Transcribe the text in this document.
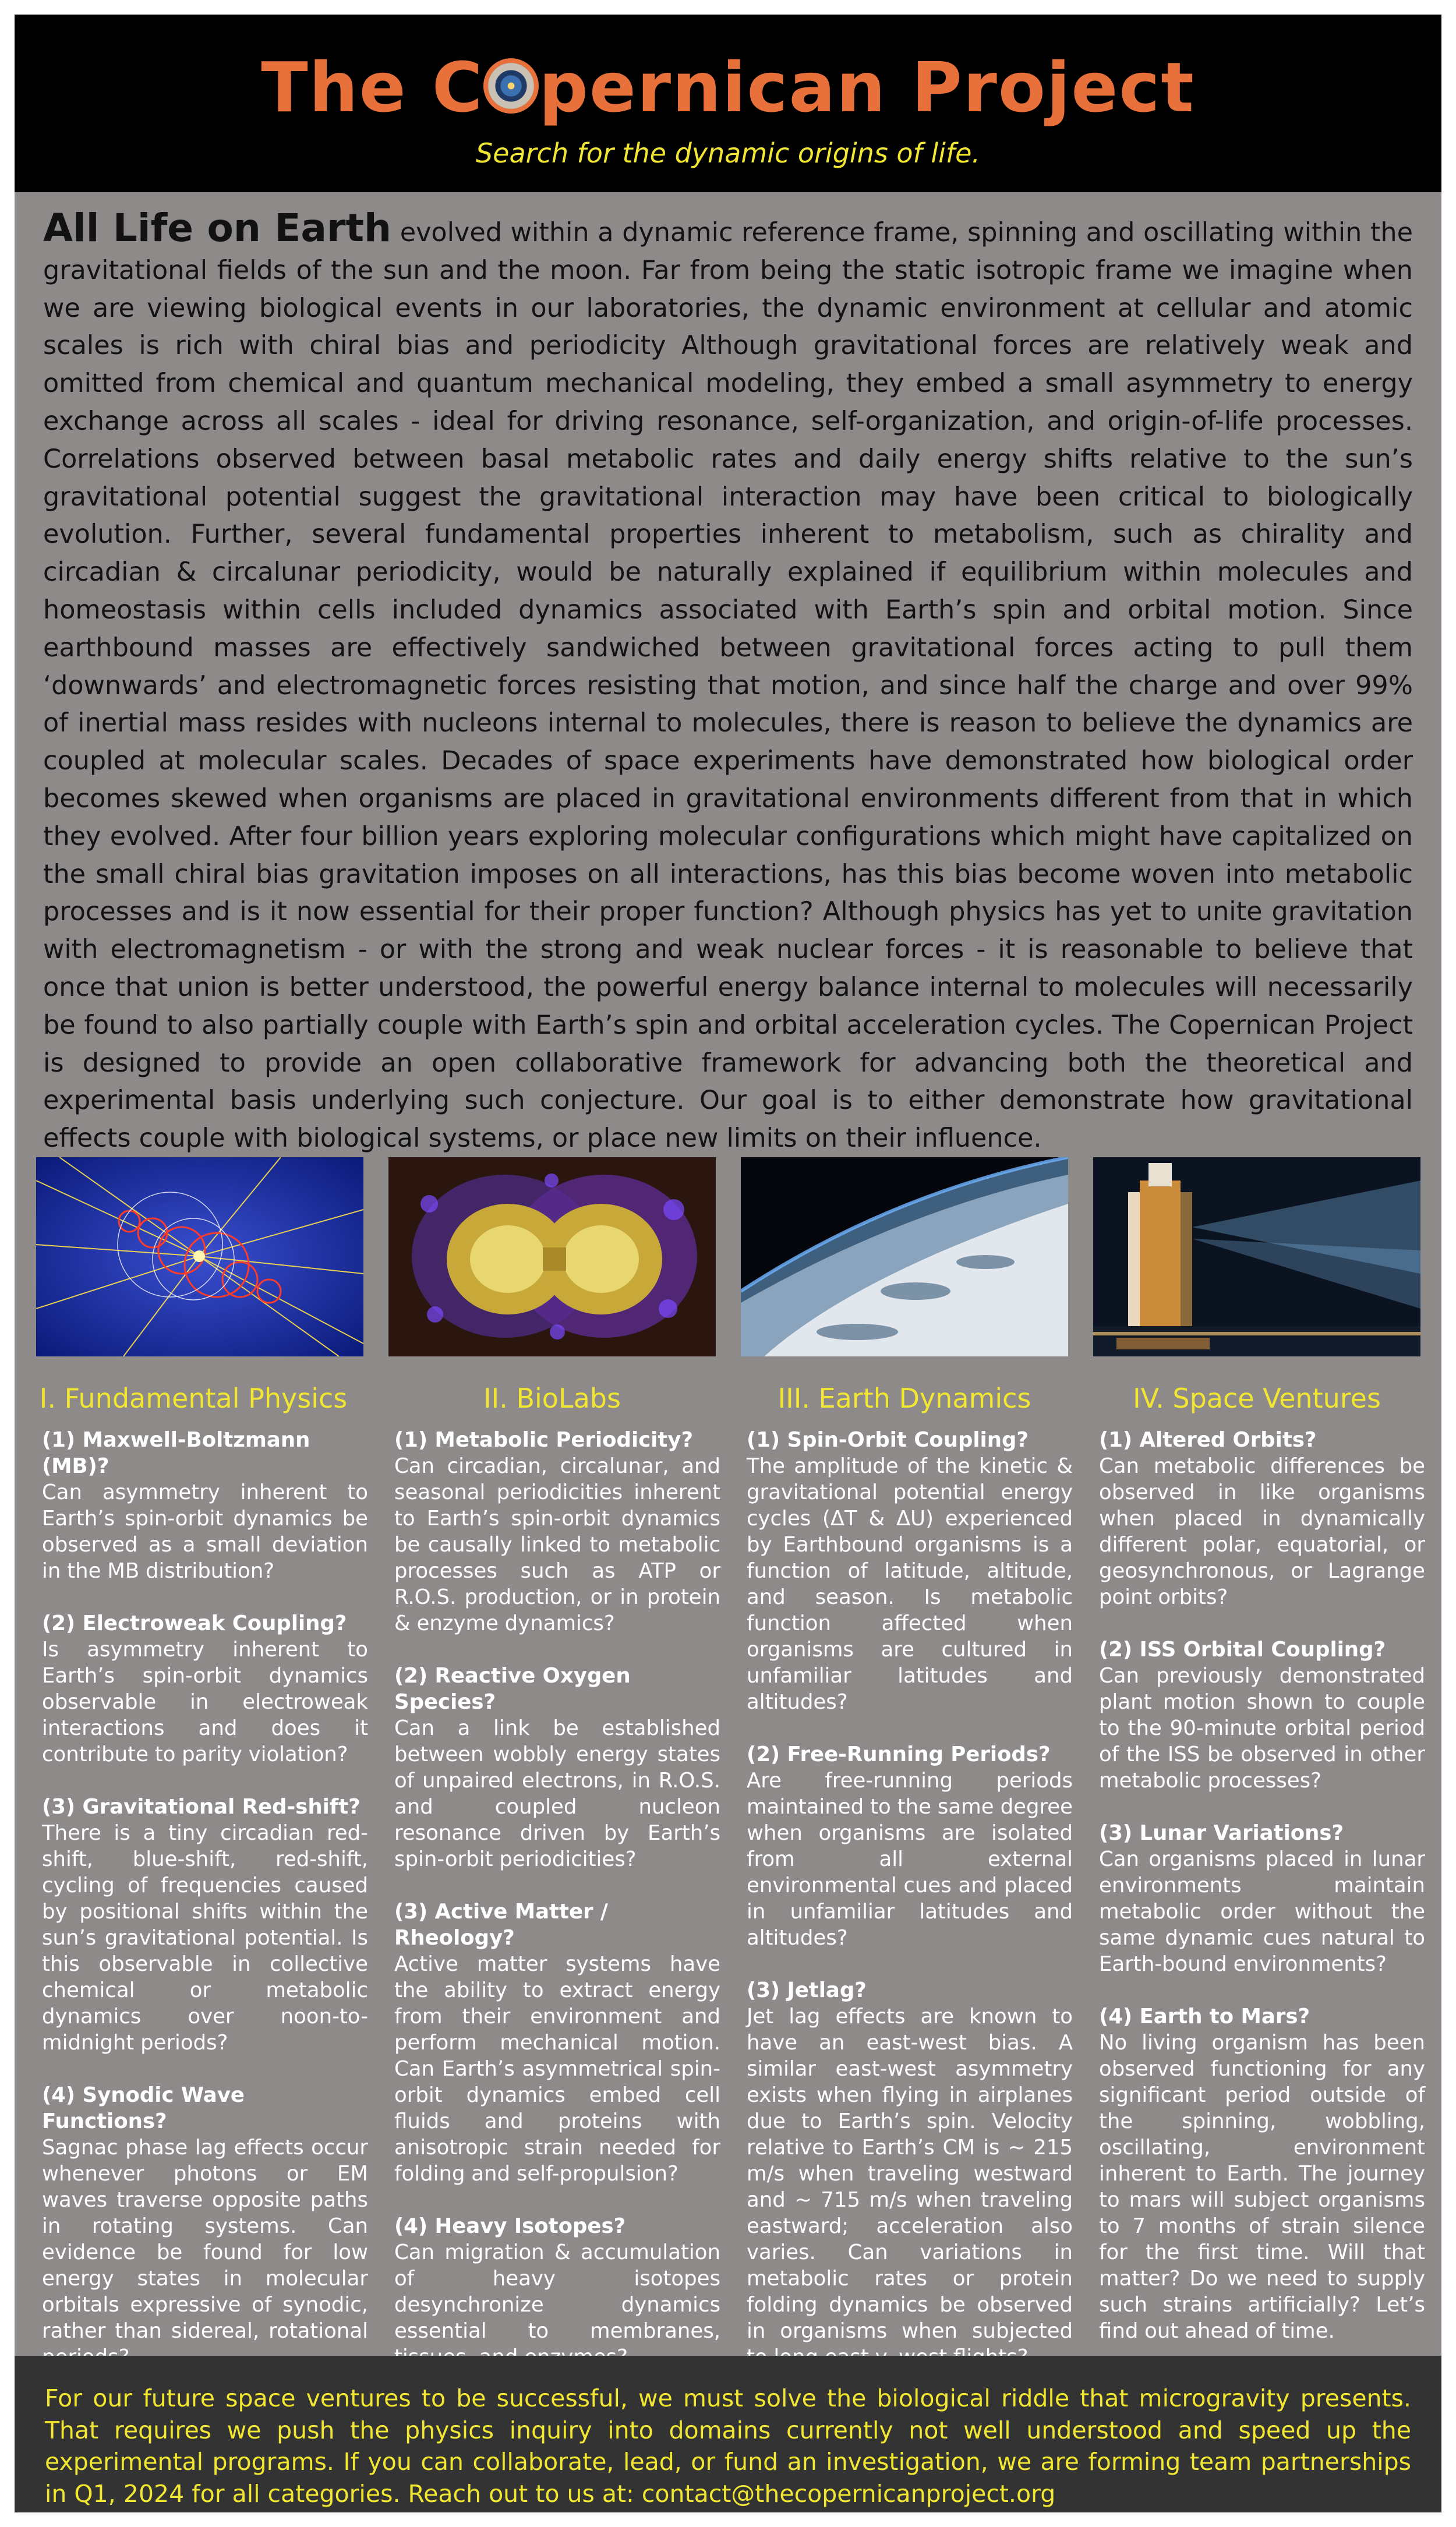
The C pernican Project
Search for the dynamic origins of life.
All Life on Earth evolved within a dynamic reference frame, spinning and oscillating within the gravitational fields of the sun and the moon. Far from being the static isotropic frame we imagine when we are viewing biological events in our laboratories, the dynamic environment at cellular and atomic scales is rich with chiral bias and periodicity Although gravitational forces are relatively weak and omitted from chemical and quantum mechanical modeling, they embed a small asymmetry to energy exchange across all scales - ideal for driving resonance, self-organization, and origin-of-life processes. Correlations observed between basal metabolic rates and daily energy shifts relative to the sun’s gravitational potential suggest the gravitational interaction may have been critical to biologically evolution. Further, several fundamental properties inherent to metabolism, such as chirality and circadian & circalunar periodicity, would be naturally explained if equilibrium within molecules and homeostasis within cells included dynamics associated with Earth’s spin and orbital motion. Since earthbound masses are effectively sandwiched between gravitational forces acting to pull them ‘downwards’ and electromagnetic forces resisting that motion, and since half the charge and over 99% of inertial mass resides with nucleons internal to molecules, there is reason to believe the dynamics are coupled at molecular scales. Decades of space experiments have demonstrated how biological order becomes skewed when organisms are placed in gravitational environments different from that in which they evolved. After four billion years exploring molecular configurations which might have capitalized on the small chiral bias gravitation imposes on all interactions, has this bias become woven into metabolic processes and is it now essential for their proper function? Although physics has yet to unite gravitation with electromagnetism - or with the strong and weak nuclear forces - it is reasonable to believe that once that union is better understood, the powerful energy balance internal to molecules will necessarily be found to also partially couple with Earth’s spin and orbital acceleration cycles. The Copernican Project is designed to provide an open collaborative framework for advancing both the theoretical and experimental basis underlying such conjecture. Our goal is to either demonstrate how gravitational effects couple with biological systems, or place new limits on their influence.
I. Fundamental Physics	II. BioLabs	III. Earth Dynamics	IV. Space Ventures
(1) Maxwell-Boltzmann (MB)?
Can asymmetry inherent to Earth’s spin-orbit dynamics be observed as a small deviation in the MB distribution?
(2) Electroweak Coupling?
Is asymmetry inherent to Earth’s spin-orbit dynamics observable in electroweak interactions and does it contribute to parity violation?
(3) Gravitational Red-shift?
There is a tiny circadian red-shift, blue-shift, red-shift, cycling of frequencies caused by positional shifts within the sun’s gravitational potential. Is this observable in collective chemical or metabolic dynamics over noon-to-midnight periods?
(4) Synodic Wave Functions?
Sagnac phase lag effects occur whenever photons or EM waves traverse opposite paths in rotating systems. Can evidence be found for low energy states in molecular orbitals expressive of synodic, rather than sidereal, rotational
(1) Metabolic Periodicity?
Can circadian, circalunar, and seasonal periodicities inherent to Earth’s spin-orbit dynamics be causally linked to metabolic processes such as ATP or R.O.S. production, or in protein & enzyme dynamics?
(2) Reactive Oxygen Species?
Can a link be established between wobbly energy states of unpaired electrons, in R.O.S. and coupled nucleon resonance driven by Earth’s spin-orbit periodicities?
(3) Active Matter / Rheology?
Active matter systems have the ability to extract energy from their environment and perform mechanical motion. Can Earth’s asymmetrical spin-orbit dynamics embed cell fluids and proteins with anisotropic strain needed for folding and self-propulsion?
(4) Heavy Isotopes?
Can migration & accumulation of heavy isotopes desynchronize dynamics essential to membranes,
(1) Spin-Orbit Coupling?
The amplitude of the kinetic & gravitational potential energy cycles (ΔT & ΔU) experienced by Earthbound organisms is a function of latitude, altitude, and season. Is metabolic function affected when organisms are cultured in unfamiliar latitudes and altitudes?
(2) Free-Running Periods?
Are free-running periods maintained to the same degree when organisms are isolated from all external environmental cues and placed in unfamiliar latitudes and altitudes?
(3) Jetlag?
Jet lag effects are known to have an east-west bias. A similar east-west asymmetry exists when flying in airplanes due to Earth’s spin. Velocity relative to Earth’s CM is ~ 215 m/s when traveling westward and ~ 715 m/s when traveling eastward; acceleration also varies. Can variations in metabolic rates or protein folding dynamics be observed in organisms when subjected
(1) Altered Orbits?
Can metabolic differences be observed in like organisms when placed in dynamically different polar, equatorial, or geosynchronous, or Lagrange point orbits?
(2) ISS Orbital Coupling?
Can previously demonstrated plant motion shown to couple to the 90-minute orbital period of the ISS be observed in other metabolic processes?
(3) Lunar Variations?
Can organisms placed in lunar environments maintain metabolic order without the same dynamic cues natural to Earth-bound environments?
(4) Earth to Mars?
No living organism has been observed functioning for any significant period outside of the spinning, wobbling, oscillating, environment inherent to Earth. The journey to mars will subject organisms to 7 months of strain silence for the first time. Will that matter? Do we need to supply such strains artificially? Let’s find out ahead of time.
For our future space ventures to be successful, we must solve the biological riddle that microgravity presents. That requires we push the physics inquiry into domains currently not well understood and speed up the experimental programs. If you can collaborate, lead, or fund an investigation, we are forming team partnerships in Q1, 2024 for all categories. Reach out to us at: contact@thecopernicanproject.org
